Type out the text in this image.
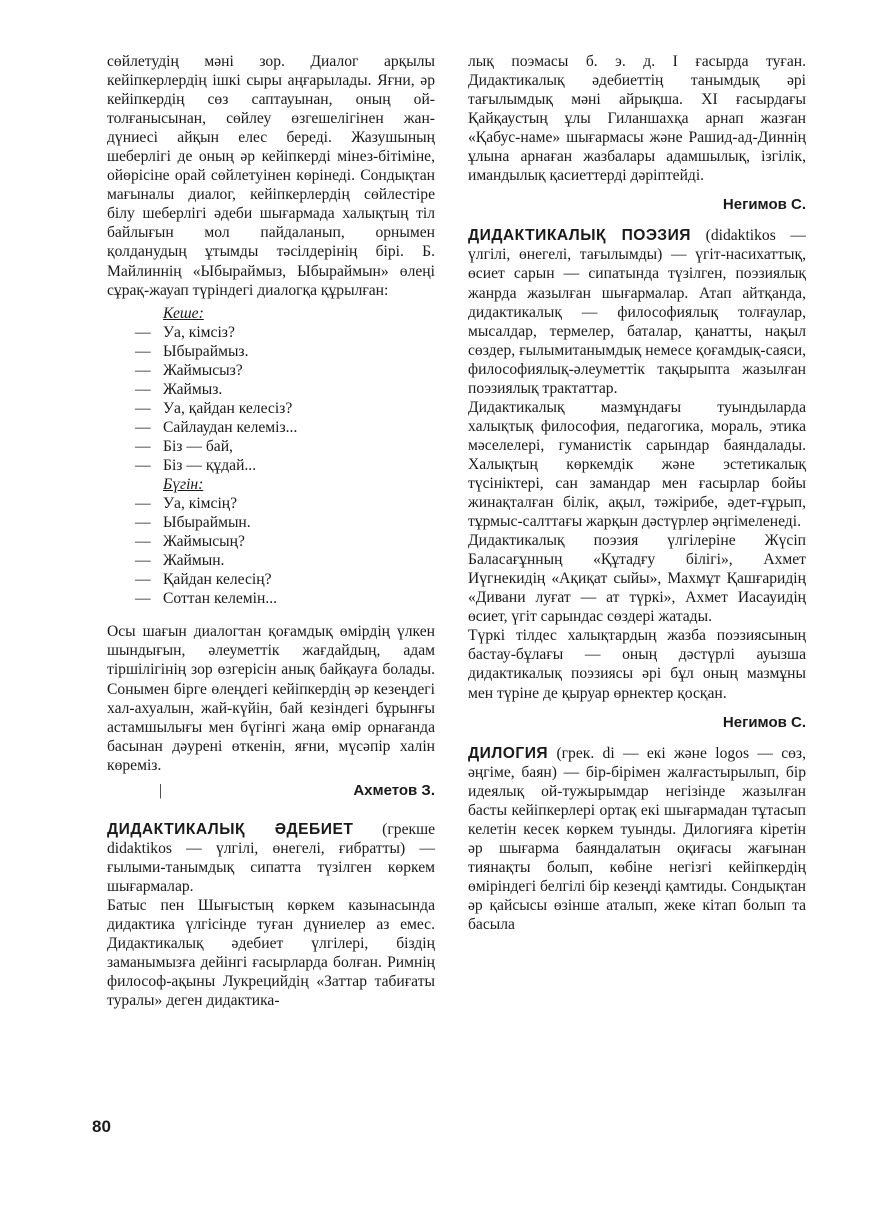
сөйлетудің мәні зор. Диалог арқылы кейіпкерлердің ішкі сыры аңғарылады. Яғни, әр кейіпкердің сөз саптауынан, оның ой-толғанысынан, сөйлеу өзгешелігінен жан-дүниесі айқын елес береді. Жазушының шеберлігі де оның әр кейіпкерді мінез-бітіміне, ойөрісіне орай сөйлетуінен көрінеді. Сондықтан мағыналы диалог, кейіпкерлердің сөйлестіре білу шеберлігі әдеби шығармада халықтың тіл байлығын мол пайдаланып, орнымен қолданудың ұтымды тәсілдерінің бірі. Б. Майлиннің «Ыбыраймыз, Ыбыраймын» өлеңі сұрақ-жауап түріндегі диалогқа құрылған:

Кеше:
— Уа, кімсіз?
— Ыбыраймыз.
— Жаймысыз?
— Жаймыз.
— Уа, қайдан келесіз?
— Сайлаудан келеміз...
— Біз — бай,
— Біз — құдай...
Бүгін:
— Уа, кімсің?
— Ыбыраймын.
— Жаймысың?
— Жаймын.
— Қайдан келесің?
— Соттан келемін...

Осы шағын диалогтан қоғамдық өмірдің үлкен шындығын, әлеуметтік жағдайдың, адам тіршілігінің зор өзгерісін анық байқауға болады. Сонымен бірге өлеңдегі кейіпкердің әр кезеңдегі хал-ахуалын, жай-күйін, бай кезіндегі бұрынғы астамшылығы мен бүгінгі жаңа өмір орнағанда басынан дәуренi өткенін, яғни, мүсәпір халін көреміз.

|	Ахметов З.

ДИДАКТИКАЛЫҚ ӘДЕБИЕТ (грекше didaktikos — үлгілі, өнегелі, ғибратты) — ғылыми-танымдық сипатта түзілген көркем шығармалар.

Батыс пен Шығыстың көркем казынасында дидактика үлгісінде туған дүниелер аз емес. Дидактикалық әдебиет үлгілері, біздің заманымызға дейінгі ғасырларда болған. Римнің философ-ақыны Лукрецийдің «Заттар табиғаты туралы» деген дидактика-

лық поэмасы б. э. д. I ғасырда туған. Дидактикалық әдебиеттің танымдық әрі тағылымдық мәні айрықша. XI ғасырдағы Қайқаустың ұлы Гиланшахқа арнап жазған «Қабус-наме» шығармасы және Рашид-ад-Диннің ұлына арнаған жазбалары адамшылық, ізгілік, имандылық қасиеттерді дәріптейді.

Негимов С.

ДИДАКТИКАЛЫҚ ПОЭЗИЯ (didaktikos — үлгілі, өнегелі, тағылымды) — үгіт-насихаттық, өсиет сарын — сипатында түзілген, поэзиялық жанрда жазылған шығармалар. Атап айтқанда, дидактикалық — философиялық толғаулар, мысалдар, термелер, баталар, қанатты, нақыл сөздер, ғылымитанымдық немесе қоғамдық-саяси, философиялық-әлеуметтік тақырыпта жазылған поэзиялық трактаттар.

Дидактикалық мазмұндағы туындыларда халықтық философия, педагогика, мораль, этика мәселелері, гуманистік сарындар баяндалады. Халықтың көркемдік және эстетикалық түсініктері, сан замандар мен ғасырлар бойы жинақталған білік, ақыл, тәжірибе, әдет-ғұрып, тұрмыс-салттағы жарқын дәстүрлер әңгімеленеді.

Дидактикалық поэзия үлгілеріне Жүсіп Баласағұнның «Құтадғу білігі», Ахмет Иүгнекидің «Ақиқат сыйы», Махмұт Қашғаридің «Дивани луғат — ат түркі», Ахмет Иасауидің өсиет, үгіт сарындас сөздері жатады.

Түркі тілдес халықтардың жазба поэзиясының бастау-бұлағы — оның дәстүрлі ауызша дидактикалық поэзиясы әрі бұл оның мазмұны мен түріне де қыруар өрнектер қосқан.

Негимов С.

ДИЛОГИЯ (грек. di — екі және logos — сөз, әңгіме, баян) — бір-бірімен жалғастырылып, бір идеялық ой-тужырымдар негізінде жазылған басты кейіпкерлері ортақ екі шығармадан тұтасып келетін кесек көркем туынды. Дилогияға кіретін әр шығарма баяндалатын оқиғасы жағынан тиянақты болып, көбіне негізгі кейіпкердің өміріндегі белгілі бір кезеңді қамтиды. Сондықтан әр қайсысы өзінше аталып, жеке кітап болып та басыла

80
